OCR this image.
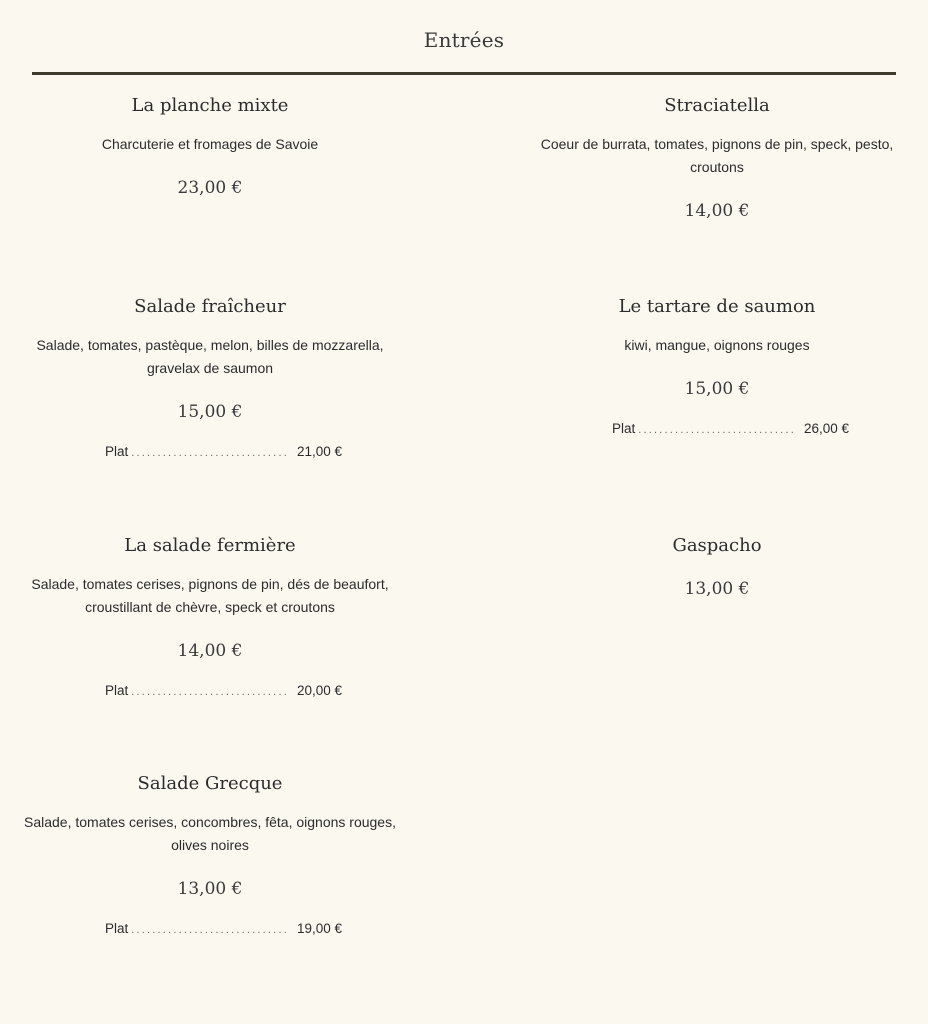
Entrées
La planche mixte
Charcuterie et fromages de Savoie
23,00 €
Straciatella
Coeur de burrata, tomates, pignons de pin, speck, pesto, croutons
14,00 €
Salade fraîcheur
Salade, tomates, pastèque, melon, billes de mozzarella, gravelax de saumon
15,00 €
Plat .............................. 21,00 €
Le tartare de saumon
kiwi, mangue, oignons rouges
15,00 €
Plat .............................. 26,00 €
La salade fermière
Salade, tomates cerises, pignons de pin, dés de beaufort, croustillant de chèvre, speck et croutons
14,00 €
Plat .............................. 20,00 €
Gaspacho
13,00 €
Salade Grecque
Salade, tomates cerises, concombres, fêta, oignons rouges, olives noires
13,00 €
Plat .............................. 19,00 €
